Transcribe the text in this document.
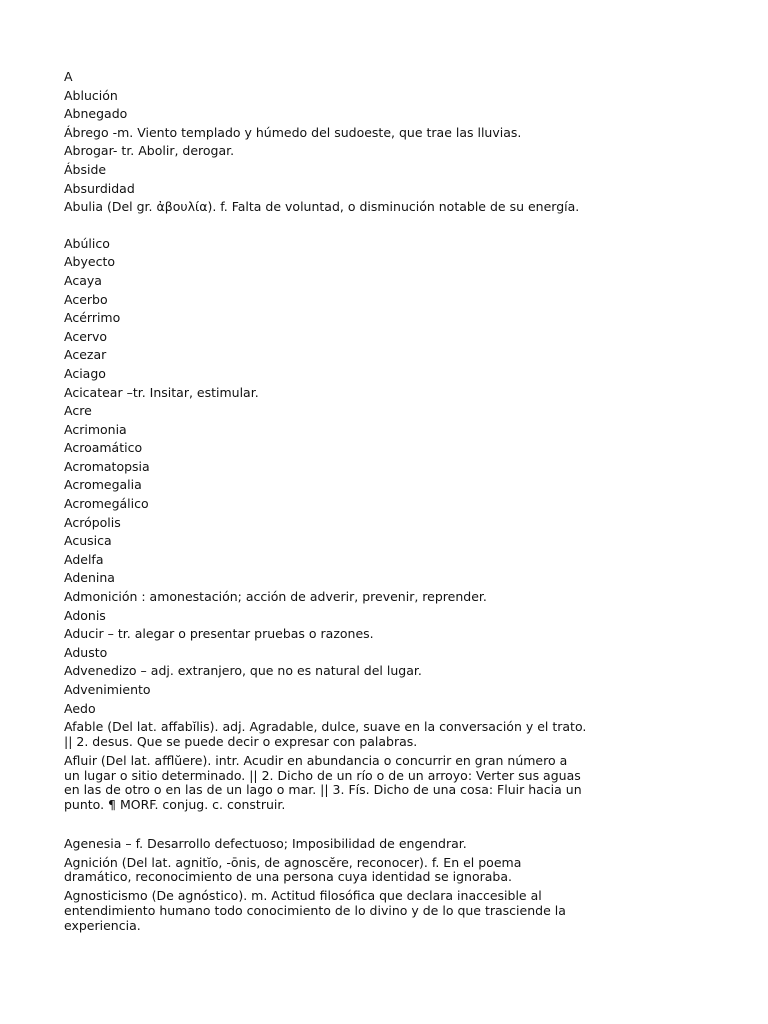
A
Ablución
Abnegado
Ábrego -m. Viento templado y húmedo del sudoeste, que trae las lluvias.
Abrogar- tr. Abolir, derogar.
Ábside
Absurdidad
Abulia (Del gr. ἀβουλία). f. Falta de voluntad, o disminución notable de su energía.
Abúlico
Abyecto
Acaya
Acerbo
Acérrimo
Acervo
Acezar
Aciago
Acicatear –tr. Insitar, estimular.
Acre
Acrimonia
Acroamático
Acromatopsia
Acromegalia
Acromegálico
Acrópolis
Acusica
Adelfa
Adenina
Admonición : amonestación; acción de adverir, prevenir, reprender.
Adonis
Aducir – tr. alegar o presentar pruebas o razones.
Adusto
Advenedizo – adj. extranjero, que no es natural del lugar.
Advenimiento
Aedo
Afable (Del lat. affabĭlis). adj. Agradable, dulce, suave en la conversación y el trato.
|| 2. desus. Que se puede decir o expresar con palabras.
Afluir (Del lat. afflŭere). intr. Acudir en abundancia o concurrir en gran número a
un lugar o sitio determinado. || 2. Dicho de un río o de un arroyo: Verter sus aguas
en las de otro o en las de un lago o mar. || 3. Fís. Dicho de una cosa: Fluir hacia un
punto. ¶ MORF. conjug. c. construir.
Agenesia – f. Desarrollo defectuoso; Imposibilidad de engendrar.
Agnición (Del lat. agnitĭo, -ōnis, de agnoscĕre, reconocer). f. En el poema
dramático, reconocimiento de una persona cuya identidad se ignoraba.
Agnosticismo (De agnóstico). m. Actitud filosófica que declara inaccesible al
entendimiento humano todo conocimiento de lo divino y de lo que trasciende la
experiencia.
